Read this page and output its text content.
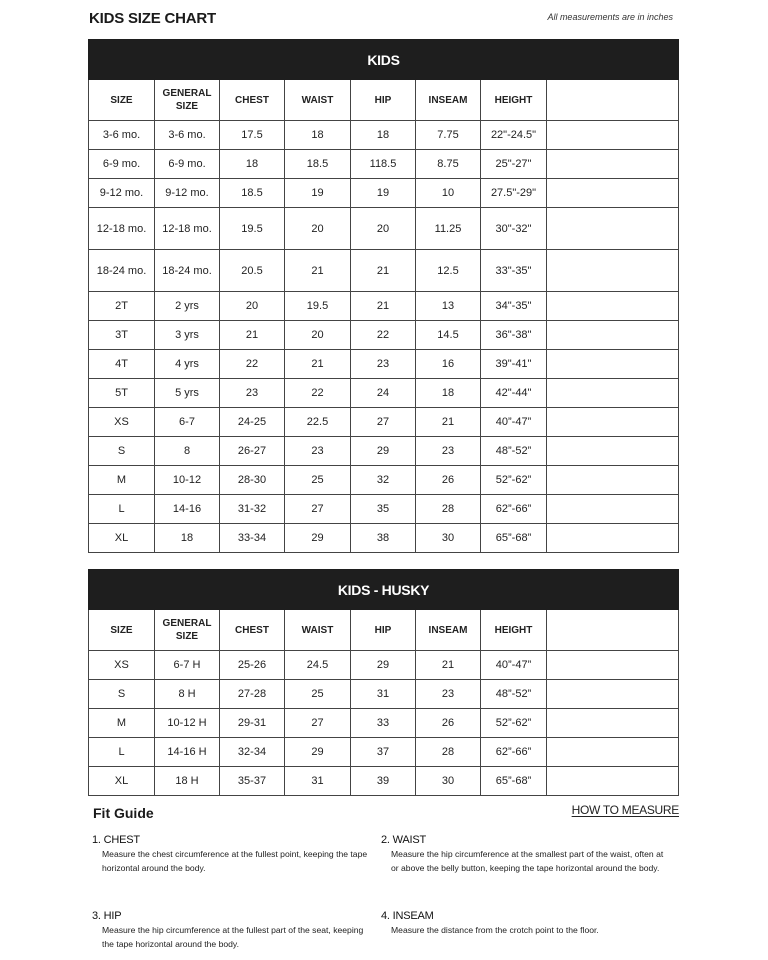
KIDS SIZE CHART	All measurements are in inches
KIDS							
SIZE	GENERAL SIZE	CHEST	WAIST	HIP	INSEAM	HEIGHT	
3-6 mo.	3-6 mo.	17.5	18	18	7.75	22"-24.5"	
6-9 mo.	6-9 mo.	18	18.5	118.5	8.75	25"-27"	
9-12 mo.	9-12 mo.	18.5	19	19	10	27.5"-29"	
12-18 mo.	12-18 mo.	19.5	20	20	11.25	30"-32"	
18-24 mo.	18-24 mo.	20.5	21	21	12.5	33"-35"	
2T	2 yrs	20	19.5	21	13	34"-35"	
3T	3 yrs	21	20	22	14.5	36"-38"	
4T	4 yrs	22	21	23	16	39"-41"	
5T	5 yrs	23	22	24	18	42"-44"	
XS	6-7	24-25	22.5	27	21	40”-47”	
S	8	26-27	23	29	23	48”-52”	
M	10-12	28-30	25	32	26	52”-62”	
L	14-16	31-32	27	35	28	62”-66”	
XL	18	33-34	29	38	30	65”-68”	
KIDS - HUSKY							
SIZE	GENERAL SIZE	CHEST	WAIST	HIP	INSEAM	HEIGHT	
XS	6-7 H	25-26	24.5	29	21	40”-47”	
S	8 H	27-28	25	31	23	48”-52”	
M	10-12 H	29-31	27	33	26	52”-62”	
L	14-16 H	32-34	29	37	28	62”-66”	
XL	18 H	35-37	31	39	30	65”-68”	
Fit Guide	HOW TO MEASURE
1. CHEST
Measure the chest circumference at the fullest point, keeping the tape horizontal around the body.
2. WAIST
Measure the hip circumference at the smallest part of the waist, often at or above the belly button, keeping the tape horizontal around the body.
3. HIP
Measure the hip circumference at the fullest part of the seat, keeping the tape horizontal around the body.
4. INSEAM
Measure the distance from the crotch point to the floor.
